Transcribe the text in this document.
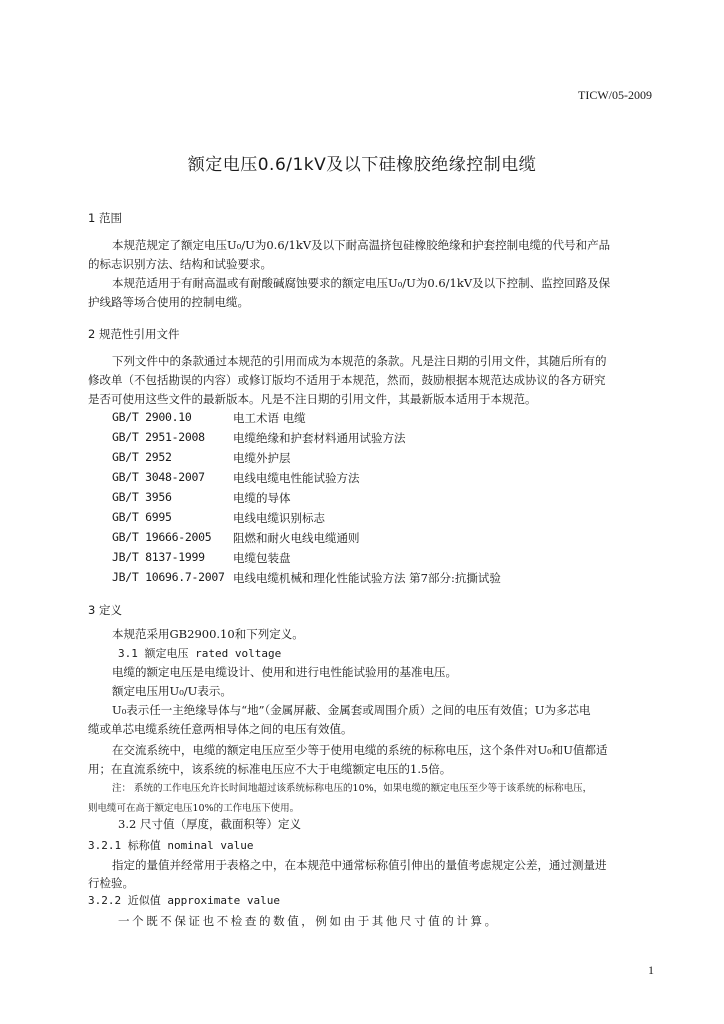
TICW/05-2009
额定电压0.6/1kV及以下硅橡胶绝缘控制电缆
1 范围
本规范规定了额定电压U₀/U为0.6/1kV及以下耐高温挤包硅橡胶绝缘和护套控制电缆的代号和产品
的标志识别方法、结构和试验要求。
本规范适用于有耐高温或有耐酸碱腐蚀要求的额定电压U₀/U为0.6/1kV及以下控制、监控回路及保
护线路等场合使用的控制电缆。
2 规范性引用文件
下列文件中的条款通过本规范的引用而成为本规范的条款。凡是注日期的引用文件，其随后所有的
修改单（不包括勘误的内容）或修订版均不适用于本规范，然而，鼓励根据本规范达成协议的各方研究
是否可使用这些文件的最新版本。凡是不注日期的引用文件，其最新版本适用于本规范。
GB/T 2900.10	电工术语 电缆
GB/T 2951-2008 电缆绝缘和护套材料通用试验方法
GB/T 2952	电缆外护层
GB/T 3048-2007 电线电缆电性能试验方法
GB/T 3956	电缆的导体
GB/T 6995	电线电缆识别标志
GB/T 19666-2005 阻燃和耐火电线电缆通则
JB/T 8137-1999 电缆包装盘
JB/T 10696.7-2007 电线电缆机械和理化性能试验方法 第7部分:抗撕试验
3 定义
本规范采用GB2900.10和下列定义。
3.1 额定电压 rated voltage
电缆的额定电压是电缆设计、使用和进行电性能试验用的基准电压。
额定电压用U₀/U表示。
U₀表示任一主绝缘导体与“地”（金属屏蔽、金属套或周围介质）之间的电压有效值；U为多芯电
缆或单芯电缆系统任意两相导体之间的电压有效值。
在交流系统中，电缆的额定电压应至少等于使用电缆的系统的标称电压，这个条件对U₀和U值都适
用；在直流系统中，该系统的标准电压应不大于电缆额定电压的1.5倍。
注： 系统的工作电压允许长时间地超过该系统标称电压的10%，如果电缆的额定电压至少等于该系统的标称电压，
则电缆可在高于额定电压10%的工作电压下使用。
3.2 尺寸值（厚度，截面积等）定义
3.2.1 标称值 nominal value
指定的量值并经常用于表格之中，在本规范中通常标称值引伸出的量值考虑规定公差，通过测量进
行检验。
3.2.2 近似值 approximate value
一个既不保证也不检查的数值，例如由于其他尺寸值的计算。
1
